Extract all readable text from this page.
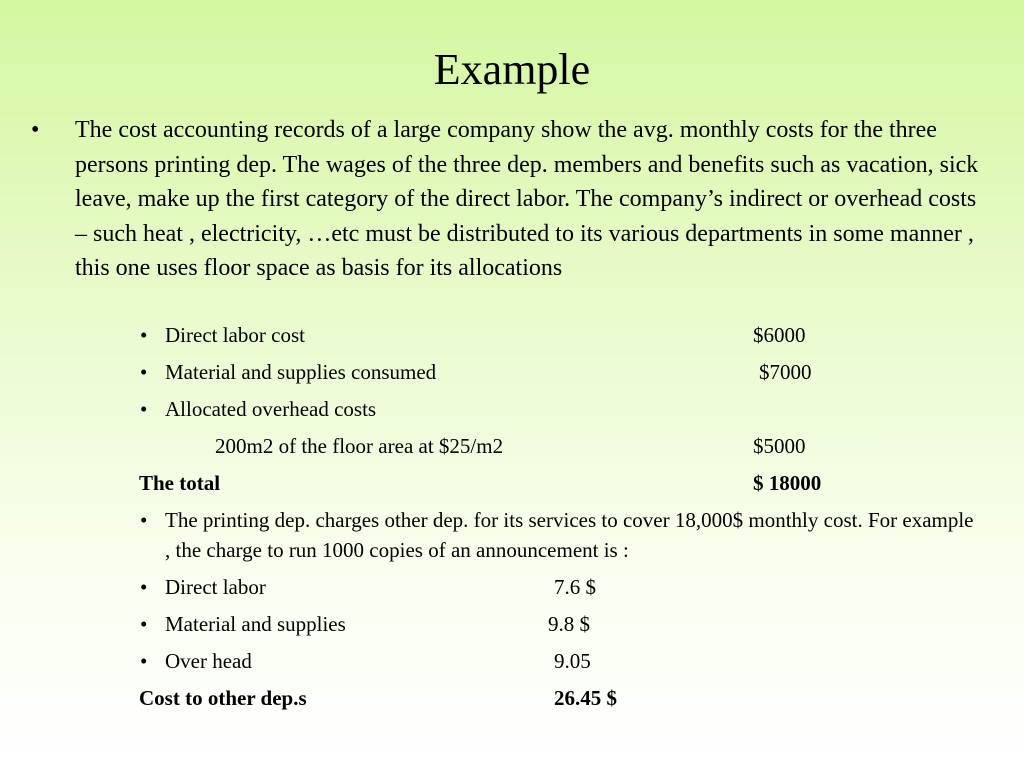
Example
• The cost accounting records of a large company show the avg. monthly costs for the three persons printing dep. The wages of the three dep. members and benefits such as vacation, sick leave, make up the first category of the direct labor. The company’s indirect or overhead costs – such heat , electricity, …etc must be distributed to its various departments in some manner , this one uses floor space as basis for its allocations
• Direct labor cost	$6000
• Material and supplies consumed	$7000
• Allocated overhead costs
200m2 of the floor area at $25/m2	$5000
The total	$ 18000
• The printing dep. charges other dep. for its services to cover 18,000$ monthly cost. For example , the charge to run 1000 copies of an announcement is :
• Direct labor	7.6 $
• Material and supplies	9.8 $
• Over head	9.05
Cost to other dep.s	26.45 $
